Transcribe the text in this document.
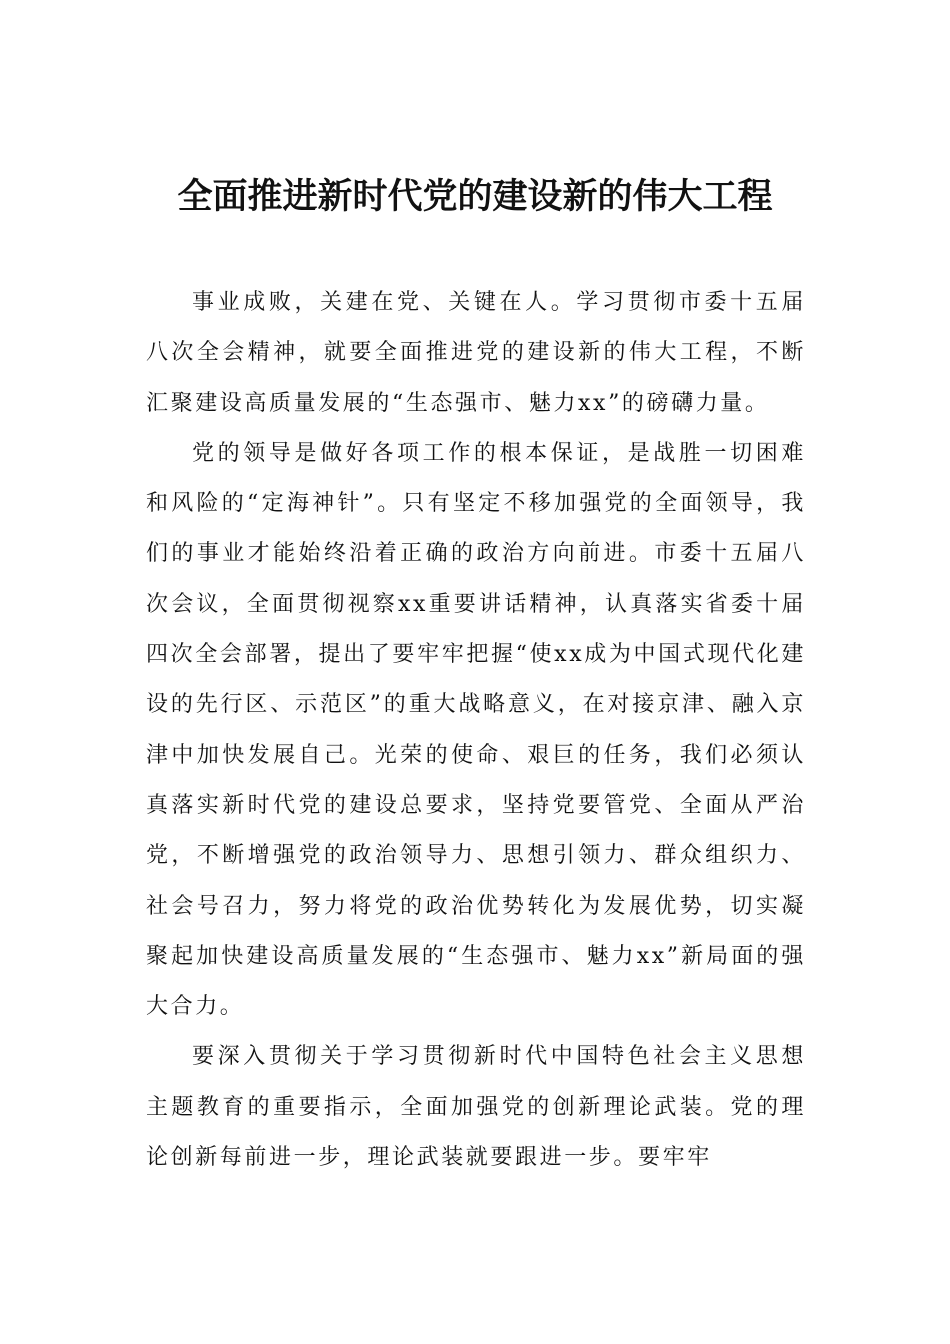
全面推进新时代党的建设新的伟大工程

事业成败，关建在党、关键在人。学习贯彻市委十五届八次全会精神，就要全面推进党的建设新的伟大工程，不断汇聚建设高质量发展的“生态强市、魅力xx”的磅礴力量。

党的领导是做好各项工作的根本保证，是战胜一切困难和风险的“定海神针”。只有坚定不移加强党的全面领导，我们的事业才能始终沿着正确的政治方向前进。市委十五届八次会议，全面贯彻视察xx重要讲话精神，认真落实省委十届四次全会部署，提出了要牢牢把握“使xx成为中国式现代化建设的先行区、示范区”的重大战略意义，在对接京津、融入京津中加快发展自己。光荣的使命、艰巨的任务，我们必须认真落实新时代党的建设总要求，坚持党要管党、全面从严治党，不断增强党的政治领导力、思想引领力、群众组织力、社会号召力，努力将党的政治优势转化为发展优势，切实凝聚起加快建设高质量发展的“生态强市、魅力xx”新局面的强大合力。

要深入贯彻关于学习贯彻新时代中国特色社会主义思想主题教育的重要指示，全面加强党的创新理论武装。党的理论创新每前进一步，理论武装就要跟进一步。要牢牢
